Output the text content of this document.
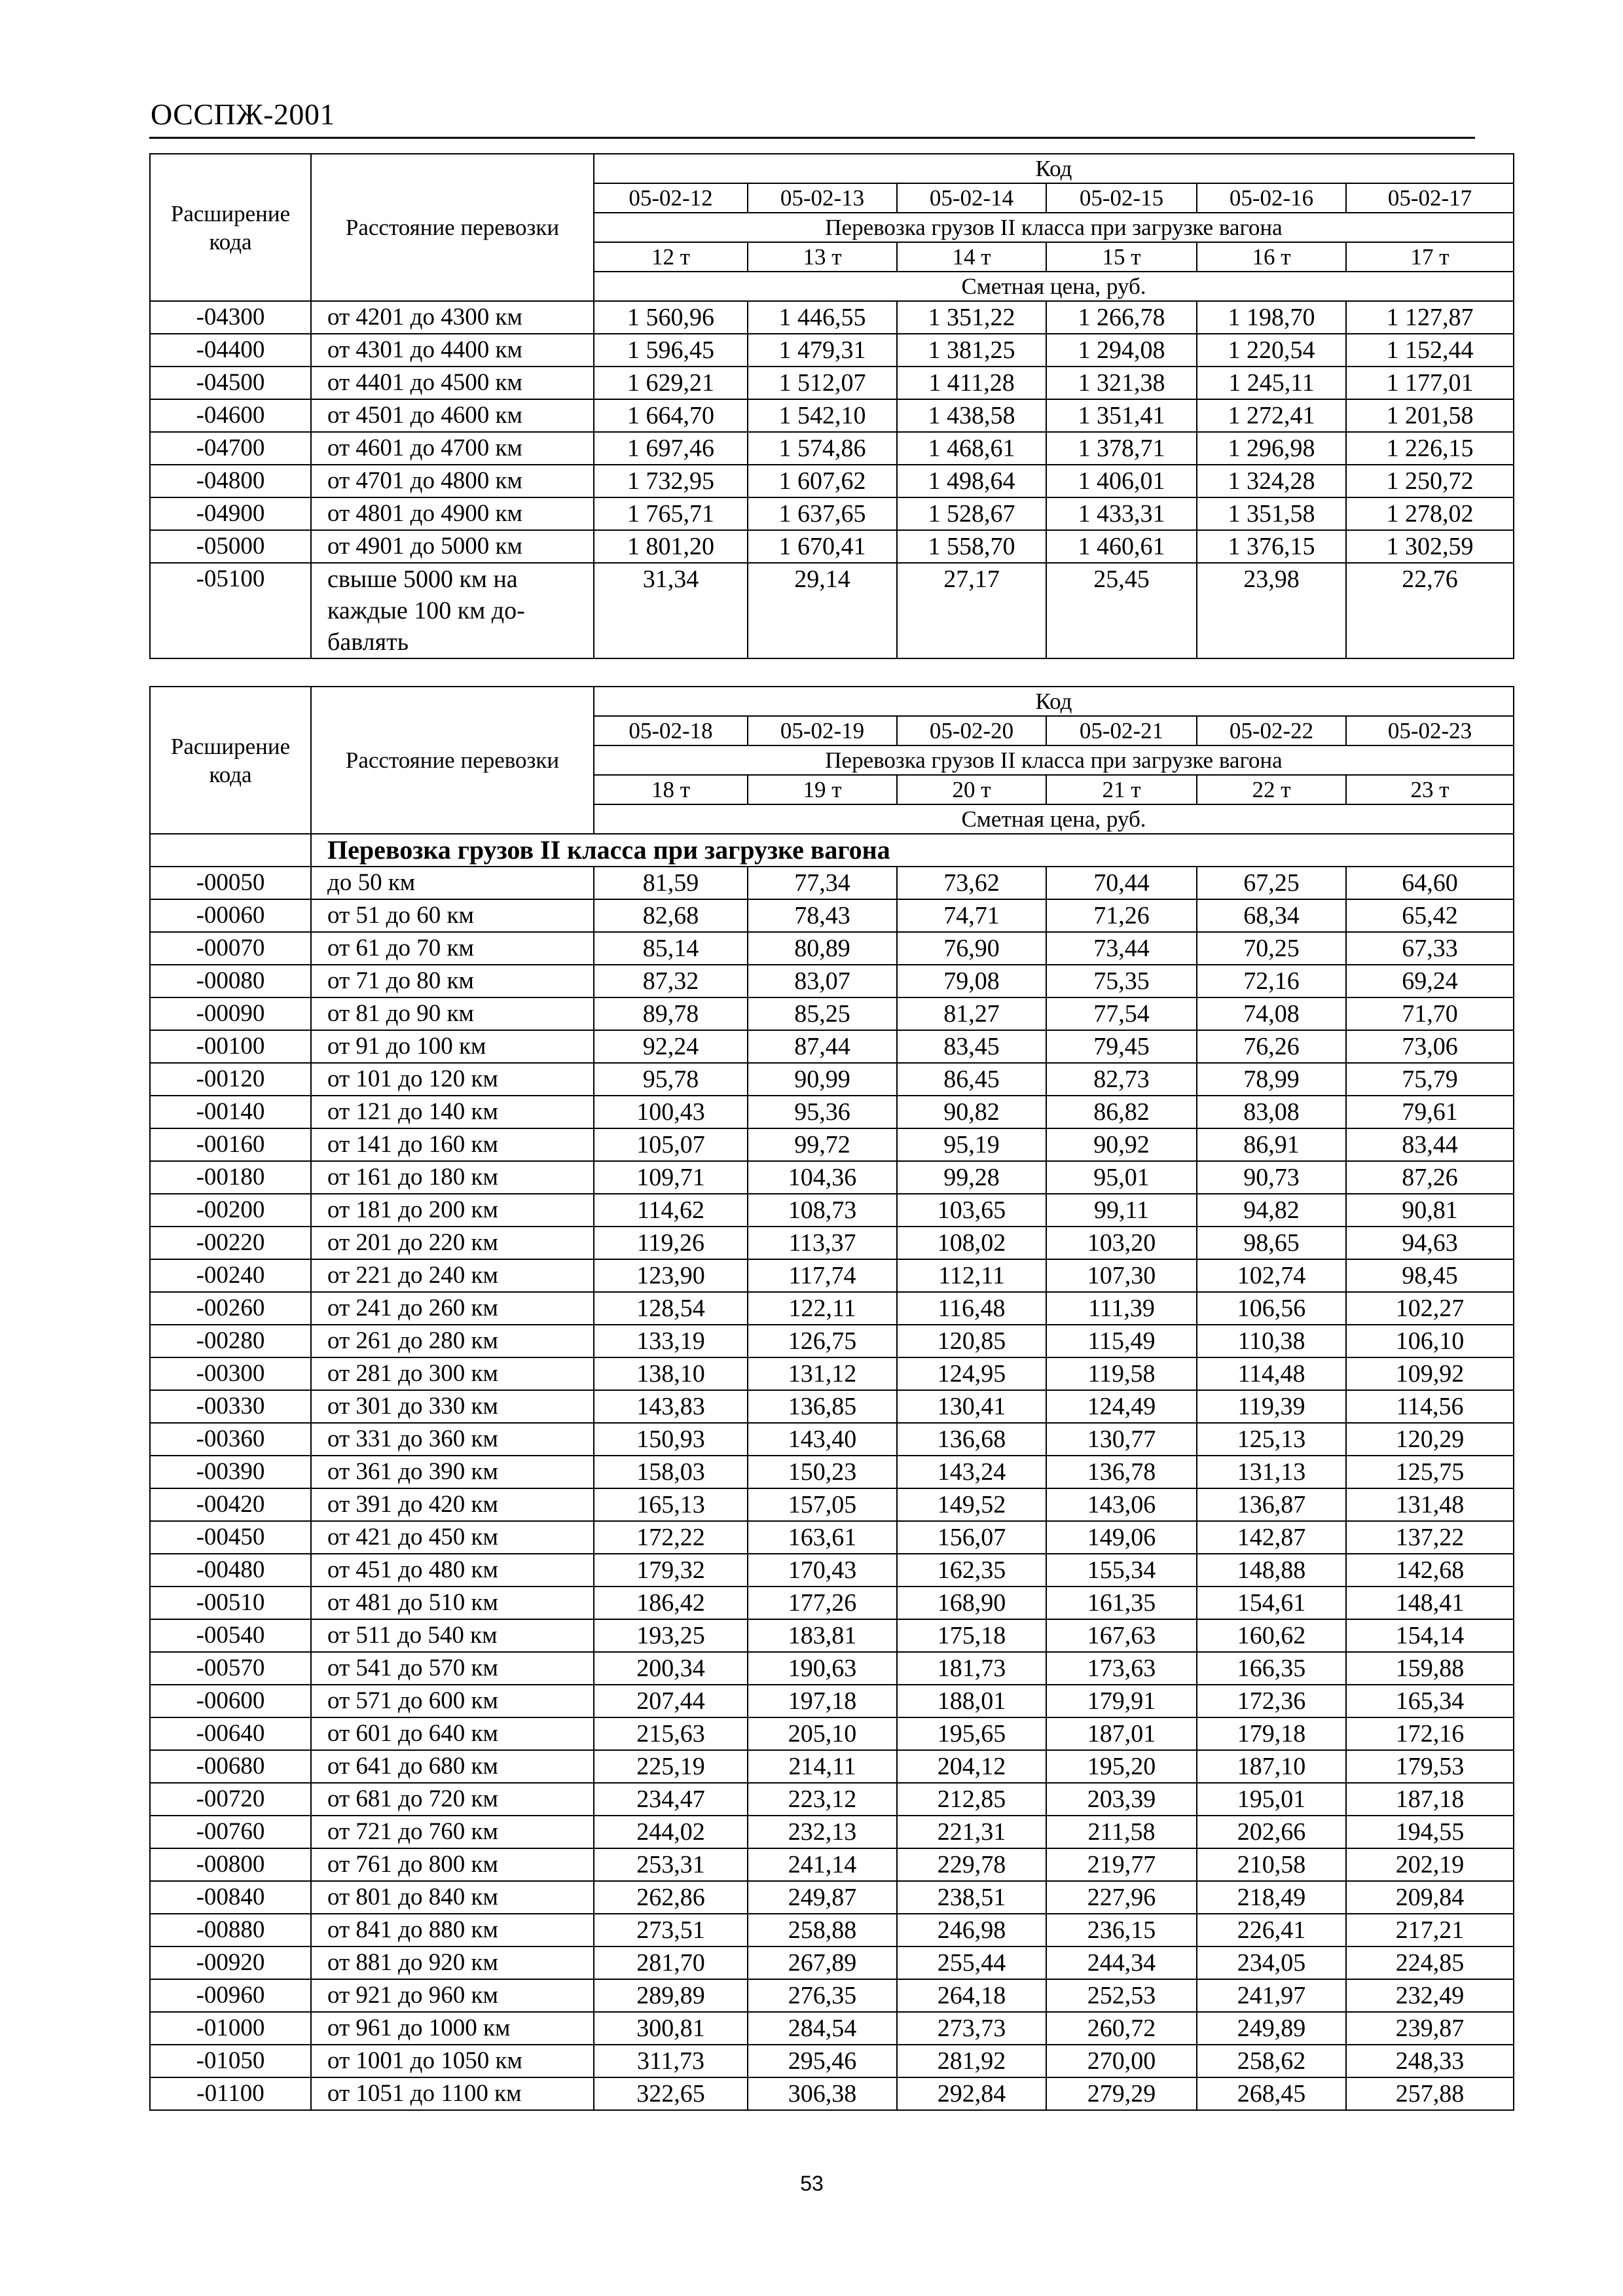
ОССПЖ-2001
Расширение кода	Расстояние перевозки	Код					
		05-02-12	05-02-13	05-02-14	05-02-15	05-02-16	05-02-17
		Перевозка грузов II класса при загрузке вагона					
		12 т	13 т	14 т	15 т	16 т	17 т
		Сметная цена, руб.					
-04300	от 4201 до 4300 км	1 560,96	1 446,55	1 351,22	1 266,78	1 198,70	1 127,87
-04400	от 4301 до 4400 км	1 596,45	1 479,31	1 381,25	1 294,08	1 220,54	1 152,44
-04500	от 4401 до 4500 км	1 629,21	1 512,07	1 411,28	1 321,38	1 245,11	1 177,01
-04600	от 4501 до 4600 км	1 664,70	1 542,10	1 438,58	1 351,41	1 272,41	1 201,58
-04700	от 4601 до 4700 км	1 697,46	1 574,86	1 468,61	1 378,71	1 296,98	1 226,15
-04800	от 4701 до 4800 км	1 732,95	1 607,62	1 498,64	1 406,01	1 324,28	1 250,72
-04900	от 4801 до 4900 км	1 765,71	1 637,65	1 528,67	1 433,31	1 351,58	1 278,02
-05000	от 4901 до 5000 км	1 801,20	1 670,41	1 558,70	1 460,61	1 376,15	1 302,59
-05100	свыше 5000 км на
каждые 100 км до-
бавлять	31,34	29,14	27,17	25,45	23,98	22,76
Расширение кода	Расстояние перевозки	Код					
		05-02-18	05-02-19	05-02-20	05-02-21	05-02-22	05-02-23
		Перевозка грузов II класса при загрузке вагона					
		18 т	19 т	20 т	21 т	22 т	23 т
		Сметная цена, руб.					
	Перевозка грузов II класса при загрузке вагона						
-00050	до 50 км	81,59	77,34	73,62	70,44	67,25	64,60
-00060	от 51 до 60 км	82,68	78,43	74,71	71,26	68,34	65,42
-00070	от 61 до 70 км	85,14	80,89	76,90	73,44	70,25	67,33
-00080	от 71 до 80 км	87,32	83,07	79,08	75,35	72,16	69,24
-00090	от 81 до 90 км	89,78	85,25	81,27	77,54	74,08	71,70
-00100	от 91 до 100 км	92,24	87,44	83,45	79,45	76,26	73,06
-00120	от 101 до 120 км	95,78	90,99	86,45	82,73	78,99	75,79
-00140	от 121 до 140 км	100,43	95,36	90,82	86,82	83,08	79,61
-00160	от 141 до 160 км	105,07	99,72	95,19	90,92	86,91	83,44
-00180	от 161 до 180 км	109,71	104,36	99,28	95,01	90,73	87,26
-00200	от 181 до 200 км	114,62	108,73	103,65	99,11	94,82	90,81
-00220	от 201 до 220 км	119,26	113,37	108,02	103,20	98,65	94,63
-00240	от 221 до 240 км	123,90	117,74	112,11	107,30	102,74	98,45
-00260	от 241 до 260 км	128,54	122,11	116,48	111,39	106,56	102,27
-00280	от 261 до 280 км	133,19	126,75	120,85	115,49	110,38	106,10
-00300	от 281 до 300 км	138,10	131,12	124,95	119,58	114,48	109,92
-00330	от 301 до 330 км	143,83	136,85	130,41	124,49	119,39	114,56
-00360	от 331 до 360 км	150,93	143,40	136,68	130,77	125,13	120,29
-00390	от 361 до 390 км	158,03	150,23	143,24	136,78	131,13	125,75
-00420	от 391 до 420 км	165,13	157,05	149,52	143,06	136,87	131,48
-00450	от 421 до 450 км	172,22	163,61	156,07	149,06	142,87	137,22
-00480	от 451 до 480 км	179,32	170,43	162,35	155,34	148,88	142,68
-00510	от 481 до 510 км	186,42	177,26	168,90	161,35	154,61	148,41
-00540	от 511 до 540 км	193,25	183,81	175,18	167,63	160,62	154,14
-00570	от 541 до 570 км	200,34	190,63	181,73	173,63	166,35	159,88
-00600	от 571 до 600 км	207,44	197,18	188,01	179,91	172,36	165,34
-00640	от 601 до 640 км	215,63	205,10	195,65	187,01	179,18	172,16
-00680	от 641 до 680 км	225,19	214,11	204,12	195,20	187,10	179,53
-00720	от 681 до 720 км	234,47	223,12	212,85	203,39	195,01	187,18
-00760	от 721 до 760 км	244,02	232,13	221,31	211,58	202,66	194,55
-00800	от 761 до 800 км	253,31	241,14	229,78	219,77	210,58	202,19
-00840	от 801 до 840 км	262,86	249,87	238,51	227,96	218,49	209,84
-00880	от 841 до 880 км	273,51	258,88	246,98	236,15	226,41	217,21
-00920	от 881 до 920 км	281,70	267,89	255,44	244,34	234,05	224,85
-00960	от 921 до 960 км	289,89	276,35	264,18	252,53	241,97	232,49
-01000	от 961 до 1000 км	300,81	284,54	273,73	260,72	249,89	239,87
-01050	от 1001 до 1050 км	311,73	295,46	281,92	270,00	258,62	248,33
-01100	от 1051 до 1100 км	322,65	306,38	292,84	279,29	268,45	257,88
53
